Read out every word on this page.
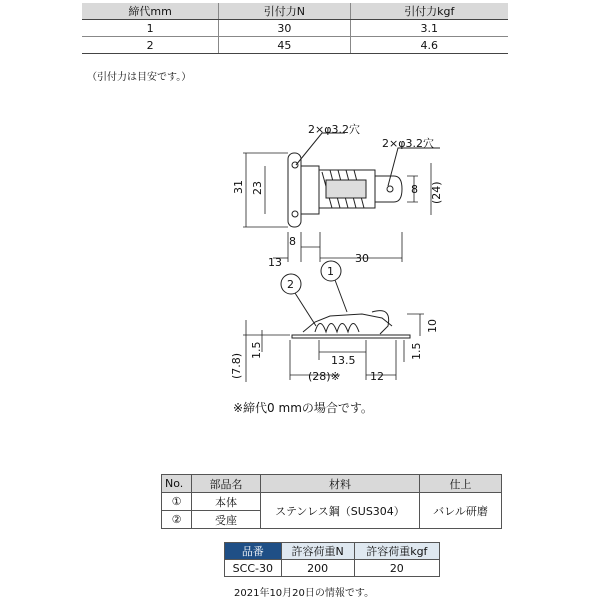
締代mm	引付力N	引付力kgf
1	30	3.1
2	45	4.6
（引付力は目安です。）
2×φ3.2穴
2×φ3.2穴
31 23
8
(24)
8
13	30
2
1
10
(7.8)
1.5	1.5
13.5
(28)※	12
※締代0 mmの場合です。
No.	部品名	材料	仕上
①	本体	ステンレス鋼（SUS304）	バレル研磨
②	受座		
品番	許容荷重N	許容荷重kgf
SCC-30	200	20
2021年10月20日の情報です。
